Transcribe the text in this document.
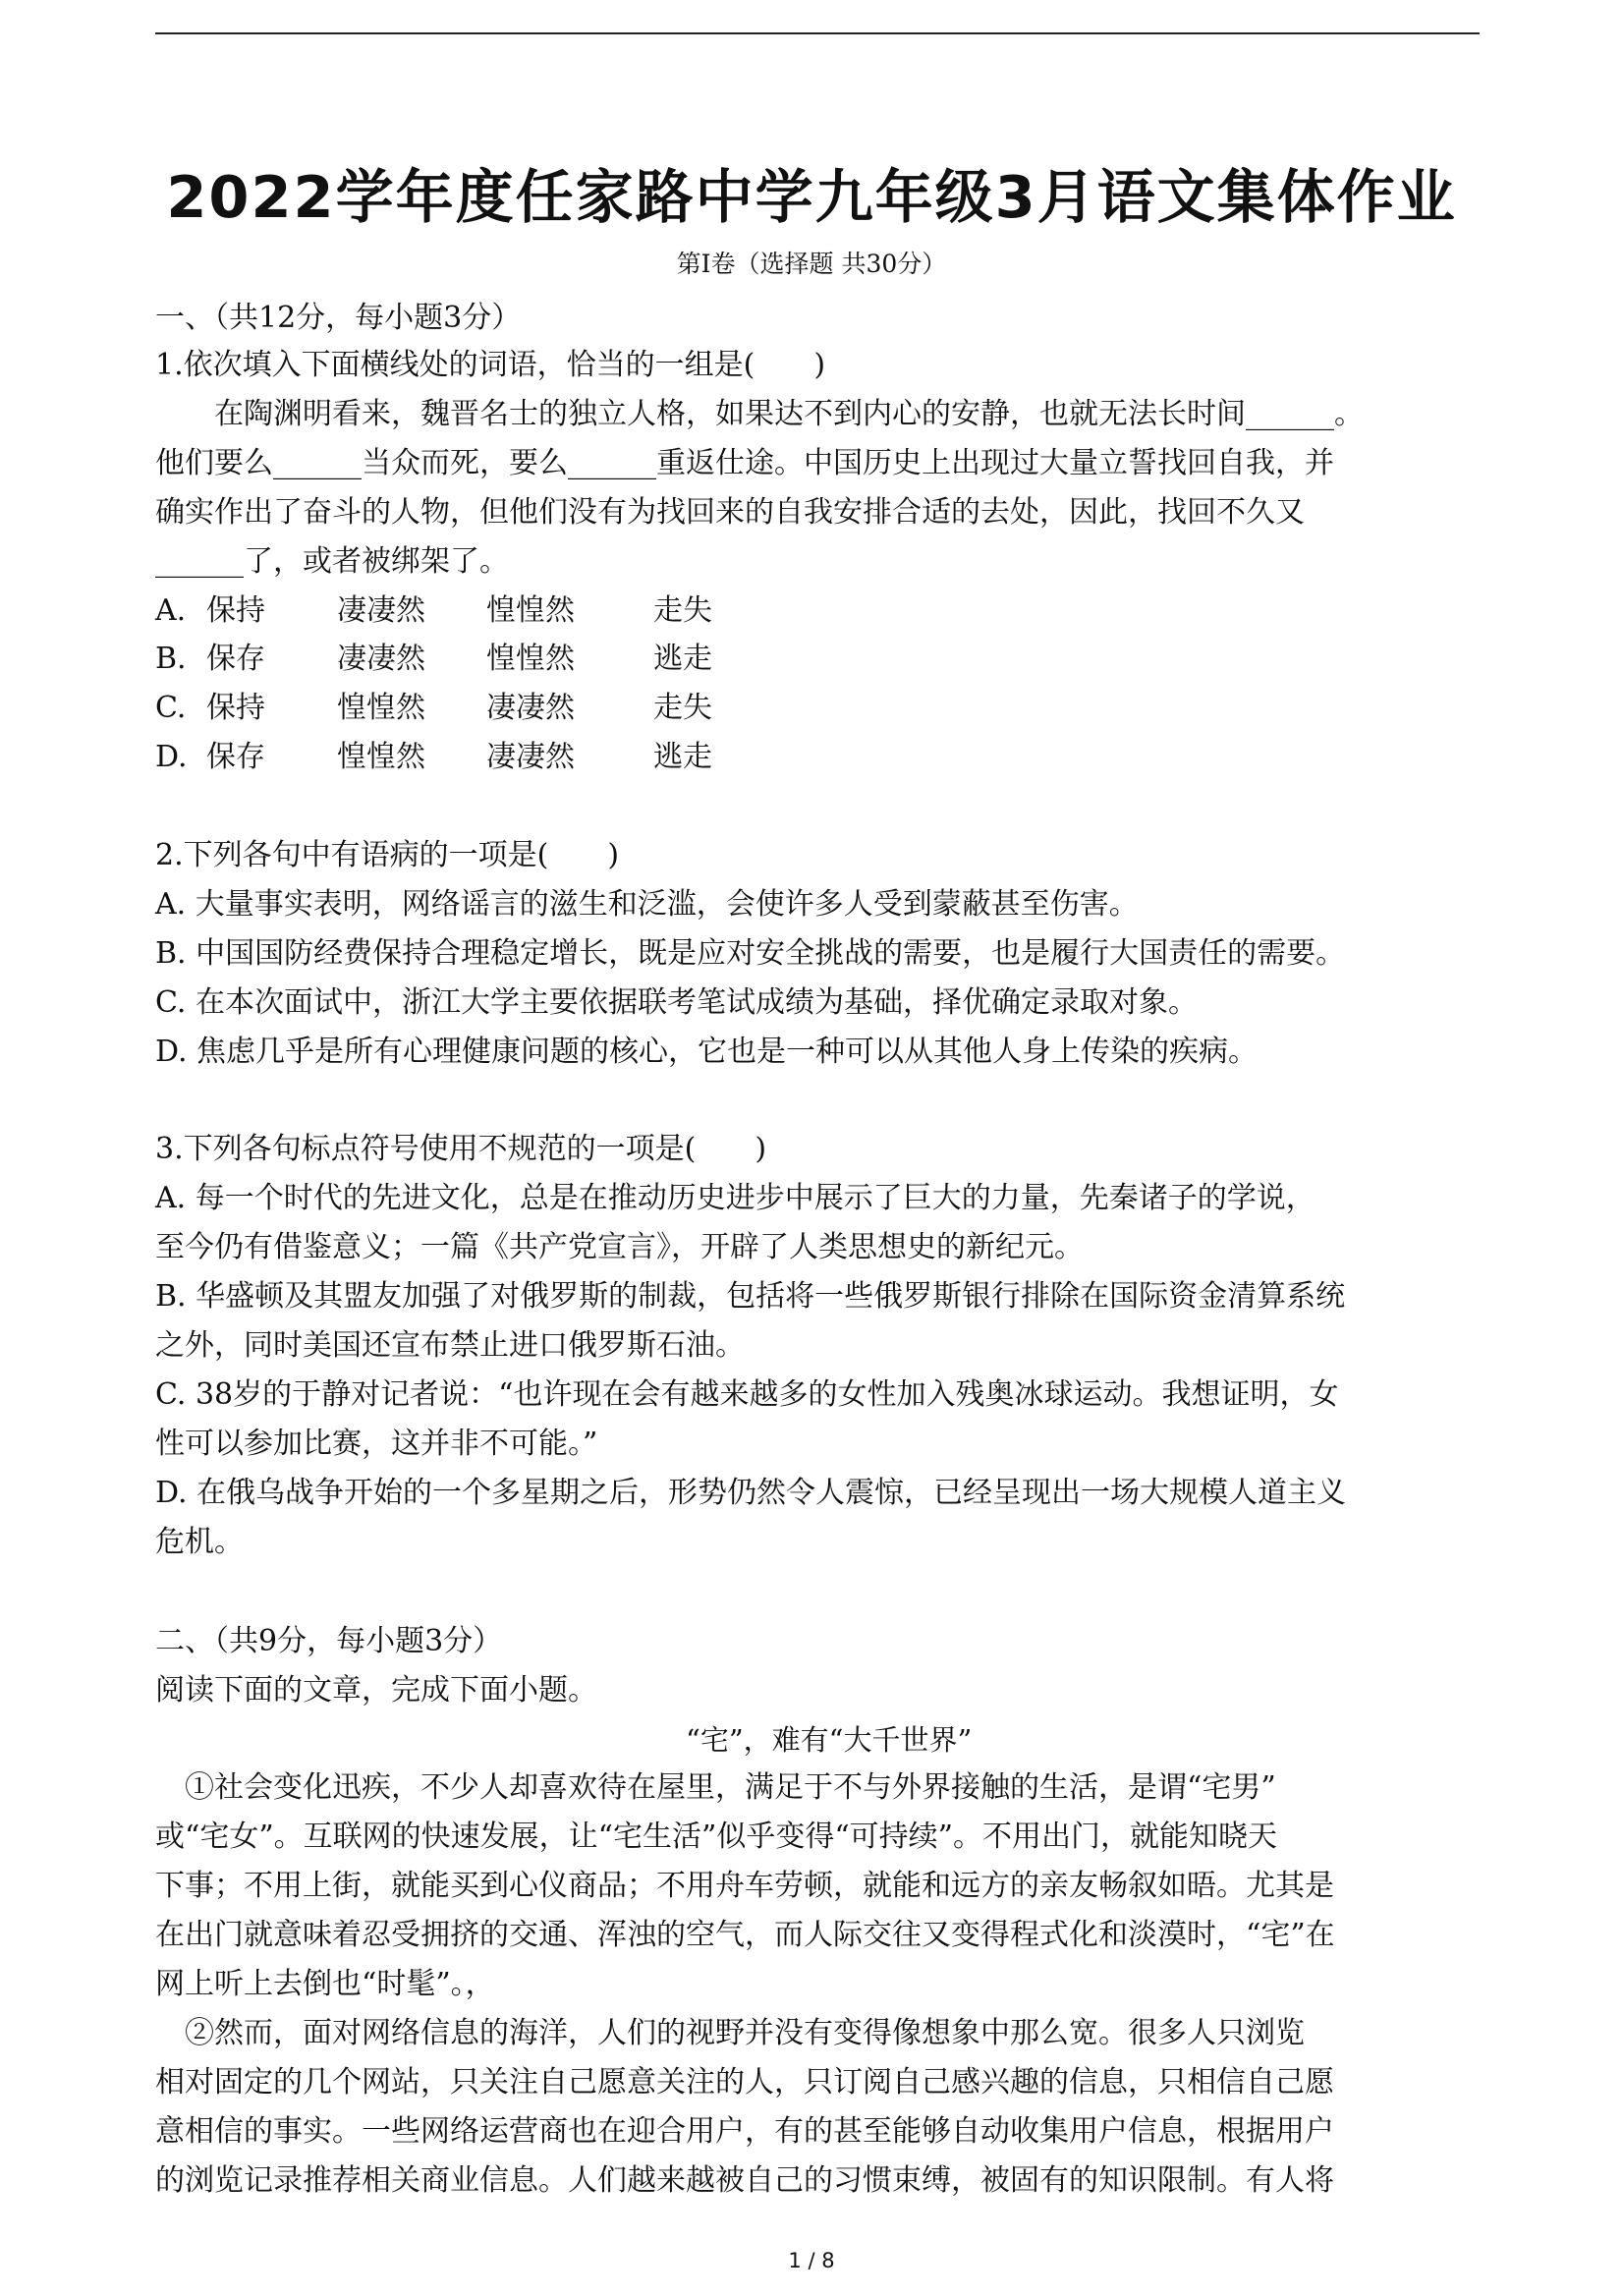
2022学年度任家路中学九年级3月语文集体作业
第Ⅰ卷（选择题 共30分）
一、（共12分，每小题3分）
1.依次填入下面横线处的词语，恰当的一组是(　　)
　　在陶渊明看来，魏晋名士的独立人格，如果达不到内心的安静，也就无法长时间______。
他们要么______当众而死，要么______重返仕途。中国历史上出现过大量立誓找回自我，并
确实作出了奋斗的人物，但他们没有为找回来的自我安排合适的去处，因此，找回不久又
______了，或者被绑架了。
A. 保持 凄凄然 惶惶然	走失
B. 保存 凄凄然 惶惶然	逃走
C. 保持 惶惶然 凄凄然	走失
D. 保存 惶惶然 凄凄然	逃走
2.下列各句中有语病的一项是(　　)
A. 大量事实表明，网络谣言的滋生和泛滥，会使许多人受到蒙蔽甚至伤害。
B. 中国国防经费保持合理稳定增长，既是应对安全挑战的需要，也是履行大国责任的需要。
C. 在本次面试中，浙江大学主要依据联考笔试成绩为基础，择优确定录取对象。
D. 焦虑几乎是所有心理健康问题的核心，它也是一种可以从其他人身上传染的疾病。
3.下列各句标点符号使用不规范的一项是(　　)
A. 每一个时代的先进文化，总是在推动历史进步中展示了巨大的力量，先秦诸子的学说，
至今仍有借鉴意义；一篇《共产党宣言》，开辟了人类思想史的新纪元。
B. 华盛顿及其盟友加强了对俄罗斯的制裁，包括将一些俄罗斯银行排除在国际资金清算系统
之外，同时美国还宣布禁止进口俄罗斯石油。
C. 38岁的于静对记者说：“也许现在会有越来越多的女性加入残奥冰球运动。我想证明，女
性可以参加比赛，这并非不可能。”
D. 在俄乌战争开始的一个多星期之后，形势仍然令人震惊，已经呈现出一场大规模人道主义
危机。
二、（共9分，每小题3分）
阅读下面的文章，完成下面小题。
“宅”，难有“大千世界”
　①社会变化迅疾，不少人却喜欢待在屋里，满足于不与外界接触的生活，是谓“宅男”
或“宅女”。互联网的快速发展，让“宅生活”似乎变得“可持续”。不用出门，就能知晓天
下事；不用上街，就能买到心仪商品；不用舟车劳顿，就能和远方的亲友畅叙如晤。尤其是
在出门就意味着忍受拥挤的交通、浑浊的空气，而人际交往又变得程式化和淡漠时，“宅”在
网上听上去倒也“时髦”。，
　②然而，面对网络信息的海洋，人们的视野并没有变得像想象中那么宽。很多人只浏览
相对固定的几个网站，只关注自己愿意关注的人，只订阅自己感兴趣的信息，只相信自己愿
意相信的事实。一些网络运营商也在迎合用户，有的甚至能够自动收集用户信息，根据用户
的浏览记录推荐相关商业信息。人们越来越被自己的习惯束缚，被固有的知识限制。有人将
1 / 8
